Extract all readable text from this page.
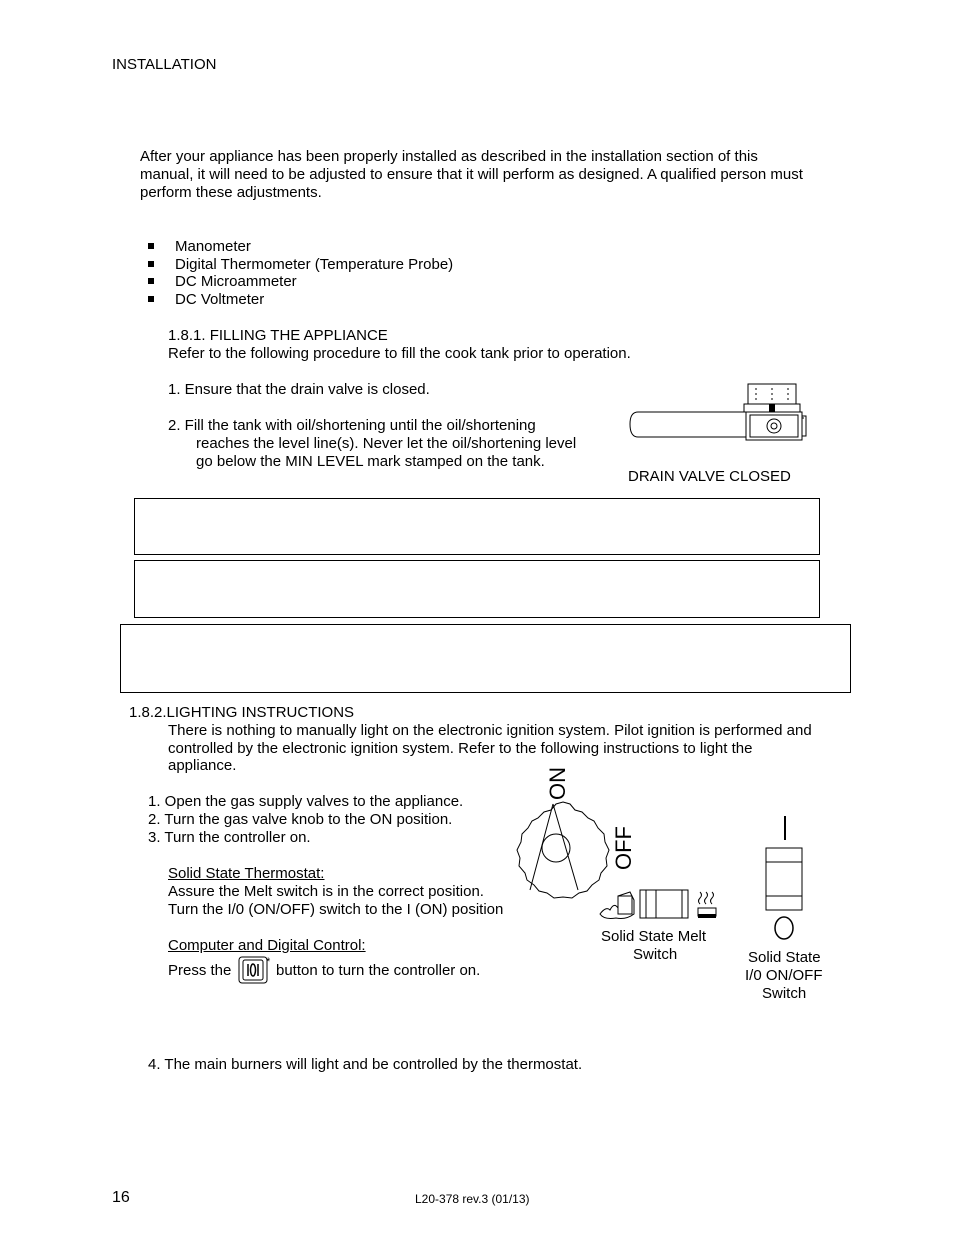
INSTALLATION
After your appliance has been properly installed as described in the installation section of this
manual, it will need to be adjusted to ensure that it will perform as designed. A qualified person must
perform these adjustments.
Manometer
Digital Thermometer (Temperature Probe)
DC Microammeter
DC Voltmeter
1.8.1. FILLING THE APPLIANCE
Refer to the following procedure to fill the cook tank prior to operation.
1. Ensure that the drain valve is closed.
2. Fill the tank with oil/shortening until the oil/shortening
reaches the level line(s). Never let the oil/shortening level
go below the MIN LEVEL mark stamped on the tank.
DRAIN VALVE CLOSED
1.8.2.LIGHTING INSTRUCTIONS
There is nothing to manually light on the electronic ignition system. Pilot ignition is performed and
controlled by the electronic ignition system. Refer to the following instructions to light the
appliance.
1. Open the gas supply valves to the appliance.
2. Turn the gas valve knob to the ON position.
3. Turn the controller on.
Solid State Thermostat:
Assure the Melt switch is in the correct position.
Turn the I/0 (ON/OFF) switch to the I (ON) position
Computer and Digital Control:
Press the	* button to turn the controller on.
ON
OFF
Solid State Melt
Switch	Solid State
I/0 ON/OFF
Switch
4. The main burners will light and be controlled by the thermostat.
16	L20-378 rev.3 (01/13)
